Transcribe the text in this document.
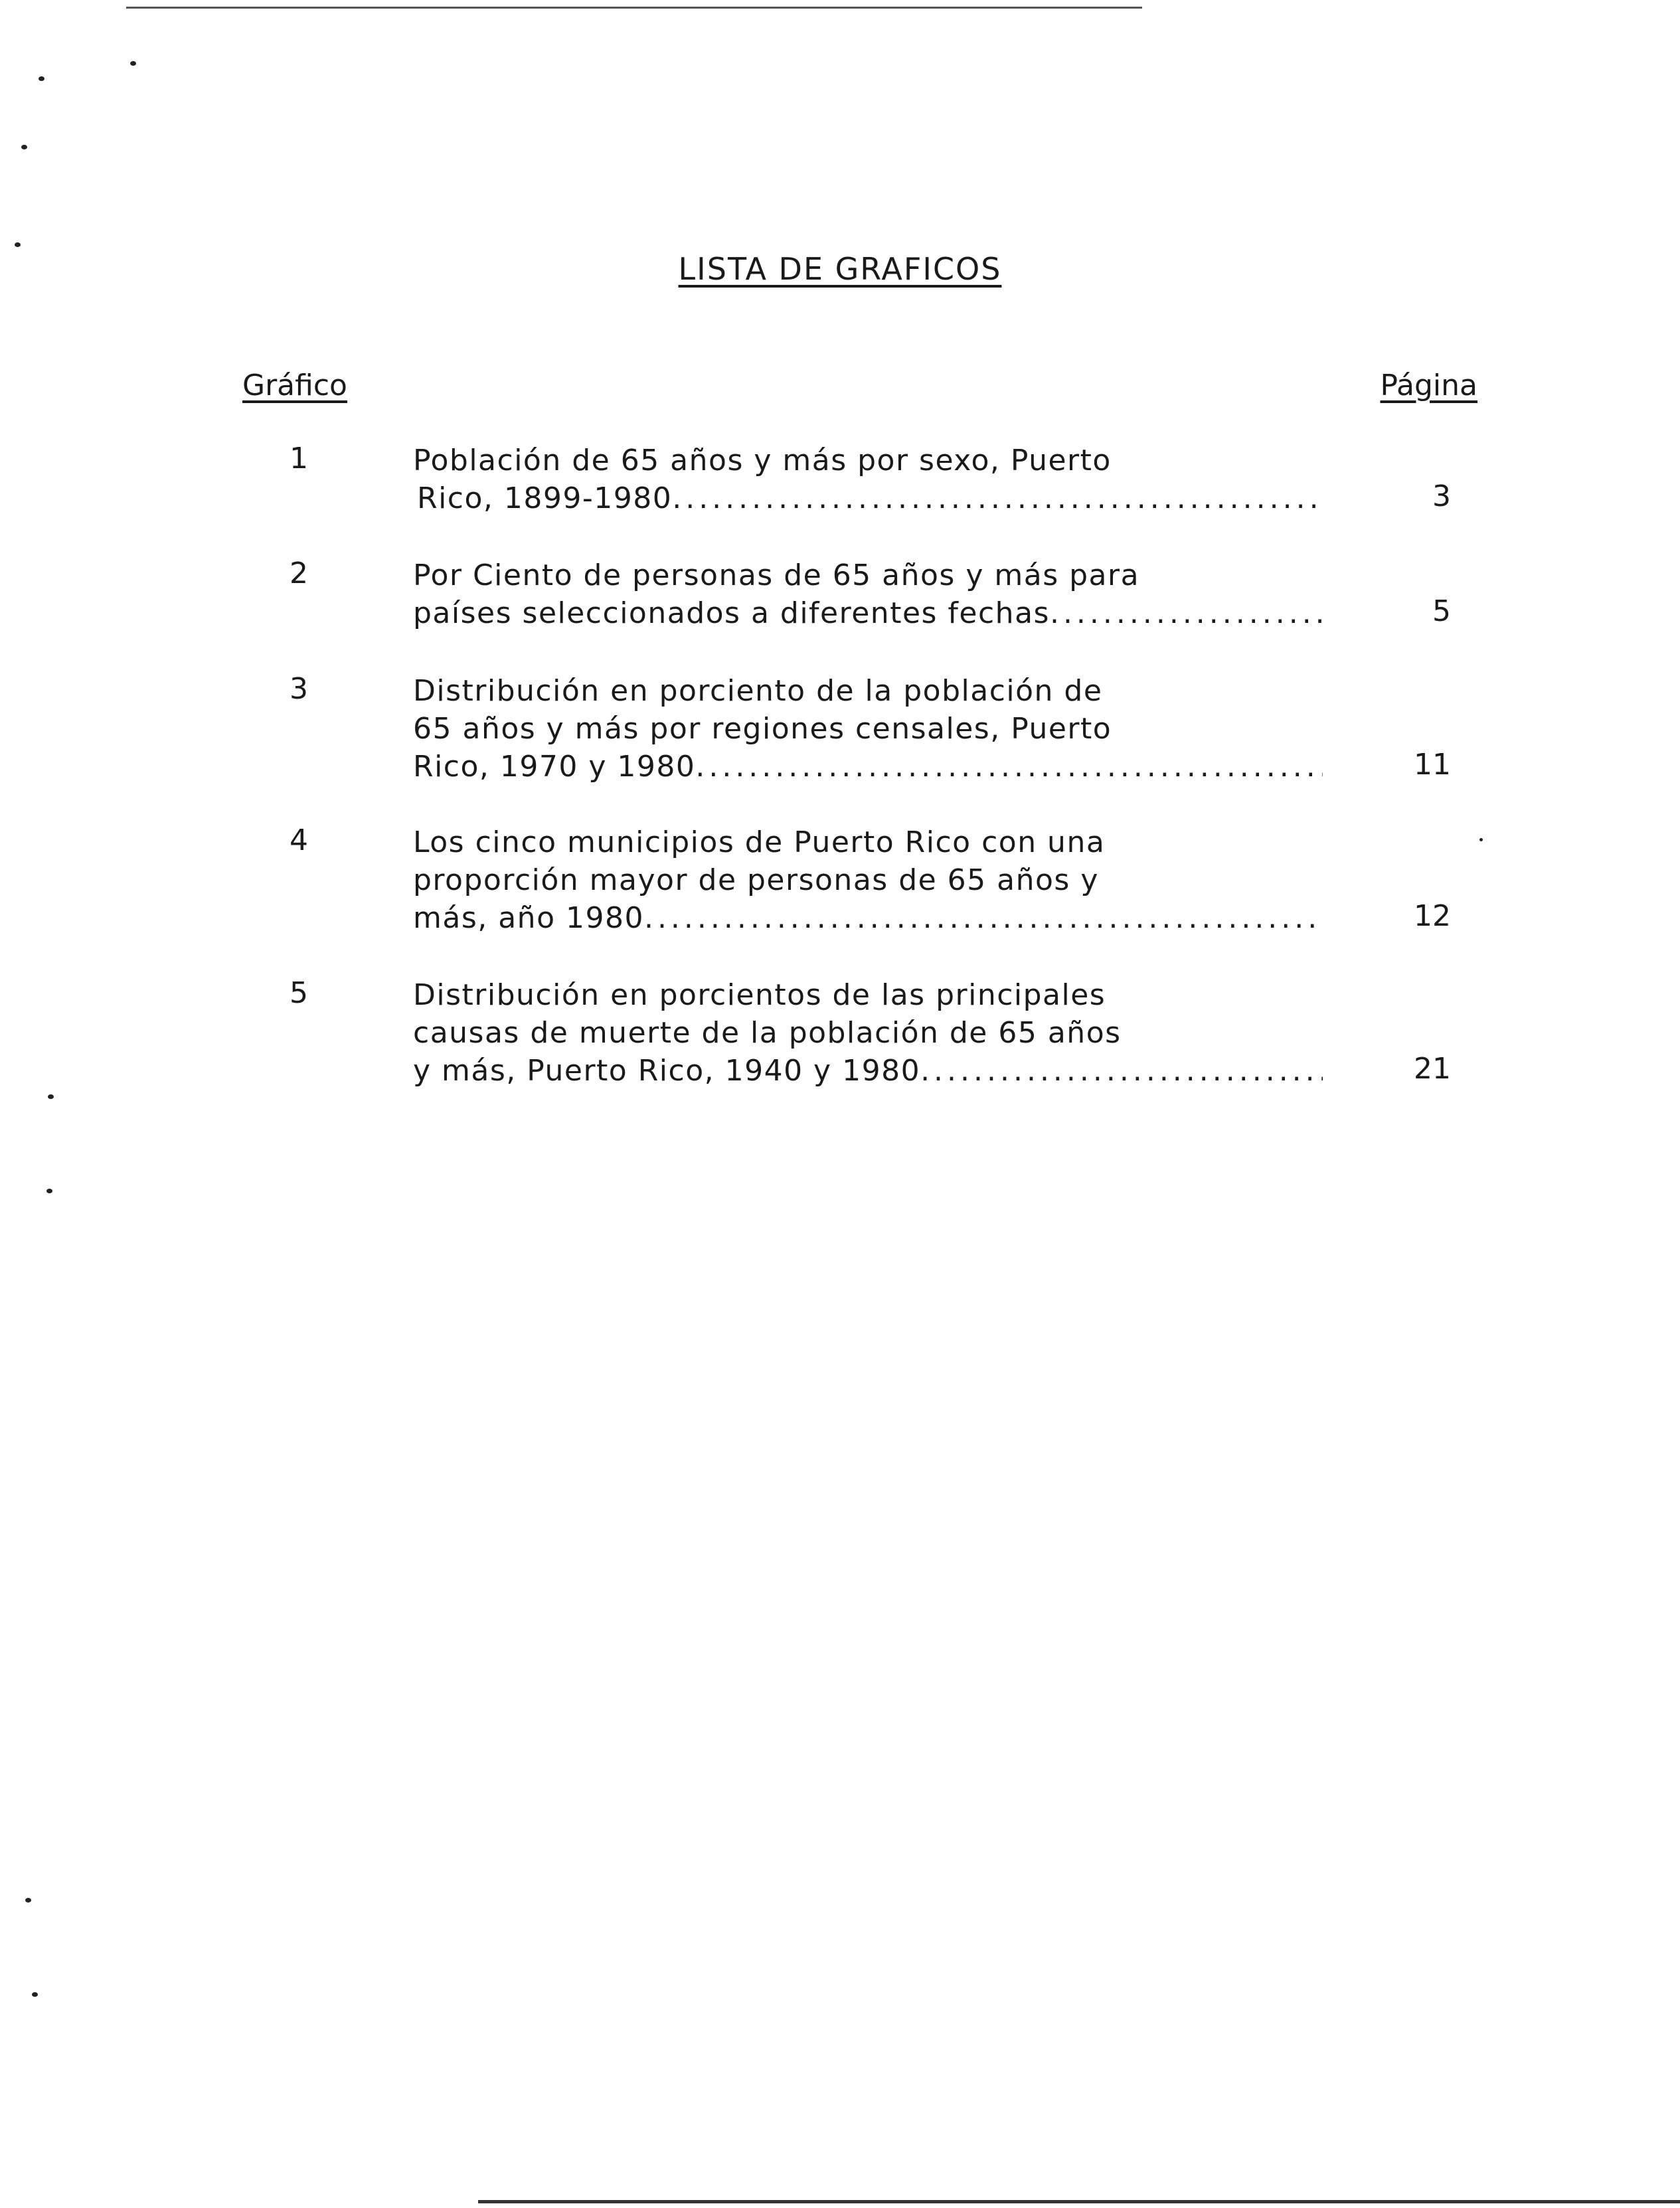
LISTA DE GRAFICOS
Gráfico	Página
1	Población de 65 años y más por sexo, Puerto
Rico, 1899-1980 .....	3
2	Por Ciento de personas de 65 años y más para
países seleccionados a diferentes fechas .....	5
3	Distribución en porciento de la población de
65 años y más por regiones censales, Puerto
Rico, 1970 y 1980 .....	11
4	Los cinco municipios de Puerto Rico con una
proporción mayor de personas de 65 años y
más, año 1980 .....	12
5	Distribución en porcientos de las principales
causas de muerte de la población de 65 años
y más, Puerto Rico, 1940 y 1980 .....	21
